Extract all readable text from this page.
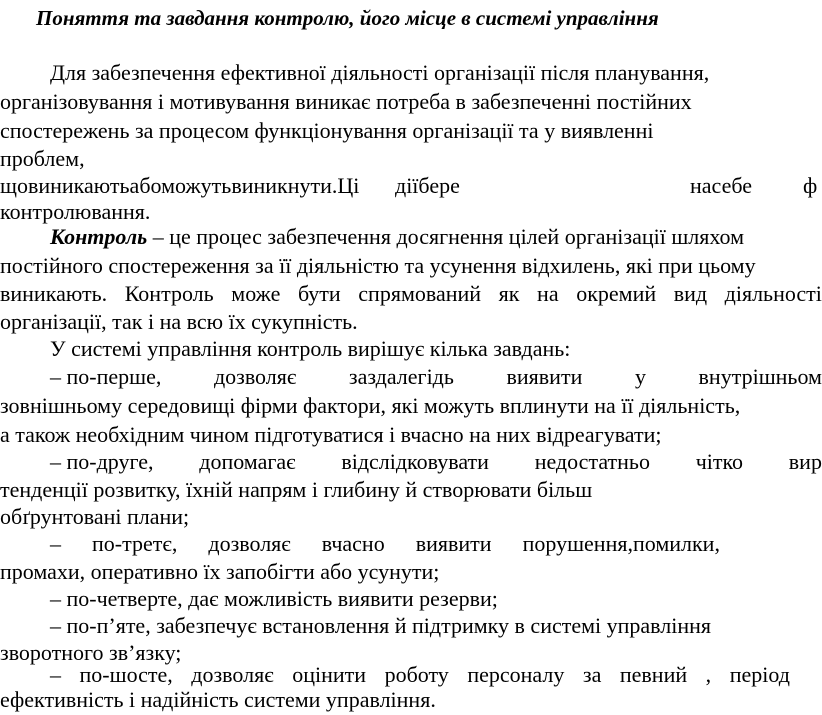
Поняття та завдання контролю, його місце в системі управління
Для забезпечення ефективної діяльності організації після планування,
організовування і мотивування виникає потреба в забезпеченні постійних
спостережень за процесом функціонування організації та у виявленні
проблем,
щовиникаютьабоможутьвиникнути.Ці діїбере	насебе ф
контролювання.
Контроль – це процес забезпечення досягнення цілей організації шляхом
постійного спостереження за її діяльністю та усунення відхилень, які при цьому
виникають. Контроль може бути спрямований як на окремий вид діяльності
організації, так і на всю їх сукупність.
У системі управління контроль вирішує кілька завдань:
– по-перше, дозволяє заздалегідь виявити у внутрішньом
зовнішньому середовищі фірми фактори, які можуть вплинути на її діяльність,
а також необхідним чином підготуватися і вчасно на них відреагувати;
– по-друге, допомагає відслідковувати недостатньо чітко вир
тенденції розвитку, їхній напрям і глибину й створювати більш
обґрунтовані плани;
– по-третє, дозволяє вчасно виявити порушення,помилки,
промахи, оперативно їх запобігти або усунути;
– по-четверте, дає можливість виявити резерви;
– по-п’яте, забезпечує встановлення й підтримку в системі управління
зворотного зв’язку;
– по-шосте, дозволяє оцінити роботу персоналу за певний , період
ефективність і надійність системи управління.
